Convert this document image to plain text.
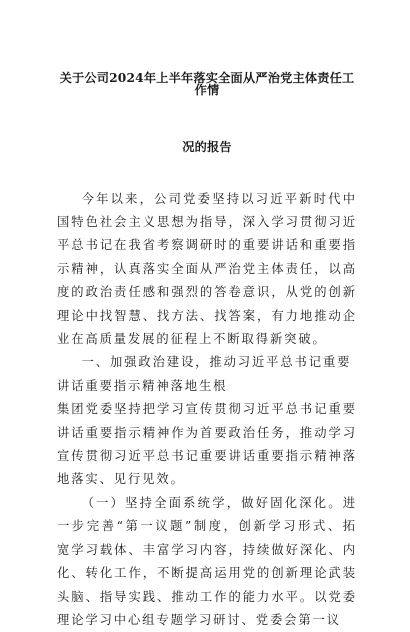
关于公司2024年上半年落实全面从严治党主体责任工作情
况的报告

今年以来，公司党委坚持以习近平新时代中国特色社会主义思想为指导，深入学习贯彻习近平总书记在我省考察调研时的重要讲话和重要指示精神，认真落实全面从严治党主体责任，以高度的政治责任感和强烈的答卷意识，从党的创新理论中找智慧、找方法、找答案，有力地推动企业在高质量发展的征程上不断取得新突破。

一、加强政治建设，推动习近平总书记重要讲话重要指示精神落地生根

集团党委坚持把学习宣传贯彻习近平总书记重要讲话重要指示精神作为首要政治任务，推动学习宣传贯彻习近平总书记重要讲话重要指示精神落地落实、见行见效。

（一）坚持全面系统学，做好固化深化。进一步完善“第一议题”制度，创新学习形式、拓宽学习载体、丰富学习内容，持续做好深化、内化、转化工作，不断提高运用党的创新理论武装头脑、指导实践、推动工作的能力水平。以党委理论学习中心组专题学习研讨、党委会第一议
